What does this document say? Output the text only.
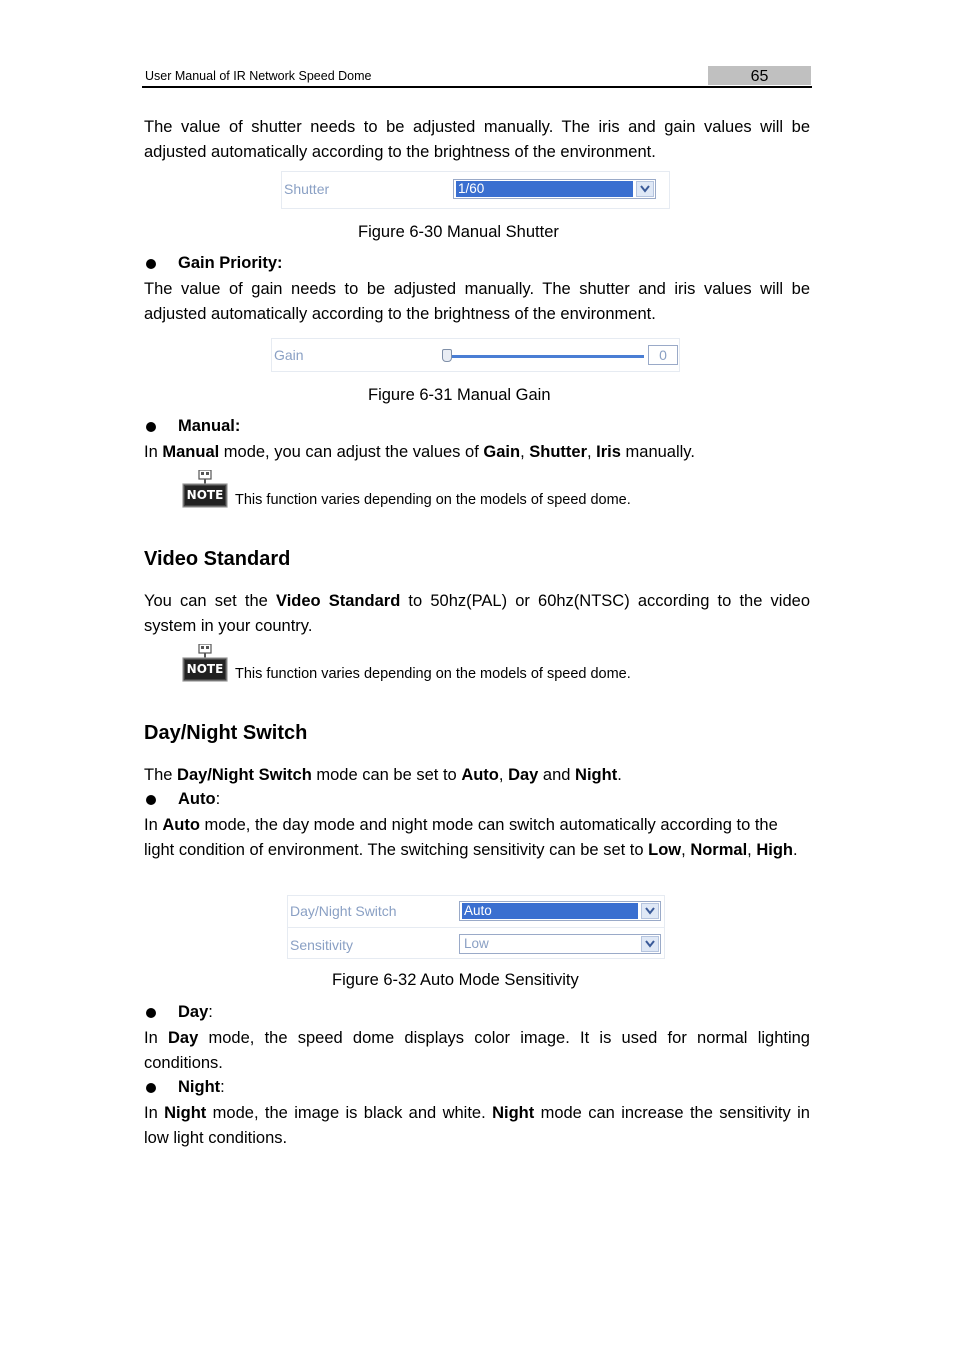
User Manual of IR Network Speed Dome	65
The value of shutter needs to be adjusted manually. The iris and gain values will be adjusted automatically according to the brightness of the environment.
Shutter	1/60
Figure 6-30 Manual Shutter
Gain Priority:
The value of gain needs to be adjusted manually. The shutter and iris values will be adjusted automatically according to the brightness of the environment.
Gain	0
Figure 6-31 Manual Gain
Manual:
In Manual mode, you can adjust the values of Gain, Shutter, Iris manually.
NOTE This function varies depending on the models of speed dome.
Video Standard
You can set the Video Standard to 50hz(PAL) or 60hz(NTSC) according to the video system in your country.
NOTE This function varies depending on the models of speed dome.
Day/Night Switch
The Day/Night Switch mode can be set to Auto, Day and Night.
Auto:
In Auto mode, the day mode and night mode can switch automatically according to the light condition of environment. The switching sensitivity can be set to Low, Normal, High.
Day/Night Switch	Auto
Sensitivity	Low
Figure 6-32 Auto Mode Sensitivity
Day:
In Day mode, the speed dome displays color image. It is used for normal lighting conditions.
Night:
In Night mode, the image is black and white. Night mode can increase the sensitivity in low light conditions.
